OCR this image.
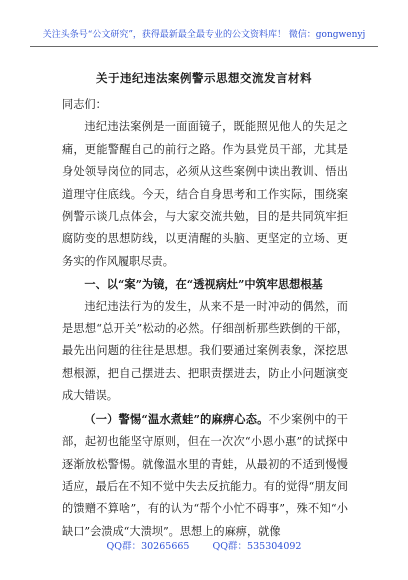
关注头条号“公文研究”，获得最新最全最专业的公文资料库！ 微信：gongwenyj
关于违纪违法案例警示思想交流发言材料

同志们：

违纪违法案例是一面面镜子，既能照见他人的失足之痛，更能警醒自己的前行之路。作为县党员干部，尤其是身处领导岗位的同志，必须从这些案例中读出教训、悟出道理守住底线。今天，结合自身思考和工作实际，围绕案例警示谈几点体会，与大家交流共勉，目的是共同筑牢拒腐防变的思想防线，以更清醒的头脑、更坚定的立场、更务实的作风履职尽责。

一、以“案”为镜，在“透视病灶”中筑牢思想根基

违纪违法行为的发生，从来不是一时冲动的偶然，而是思想“总开关”松动的必然。仔细剖析那些跌倒的干部，最先出问题的往往是思想。我们要通过案例表象，深挖思想根源，把自己摆进去、把职责摆进去，防止小问题演变成大错误。

（一）警惕“温水煮蛙”的麻痹心态。不少案例中的干部，起初也能坚守原则，但在一次次“小恩小惠”的试探中逐渐放松警惕。就像温水里的青蛙，从最初的不适到慢慢适应，最后在不知不觉中失去反抗能力。有的觉得“朋友间的馈赠不算啥”，有的认为“帮个小忙不碍事”，殊不知“小缺口”会溃成“大溃坝”。思想上的麻痹，就像

QQ群：30265665 QQ群：535304092
